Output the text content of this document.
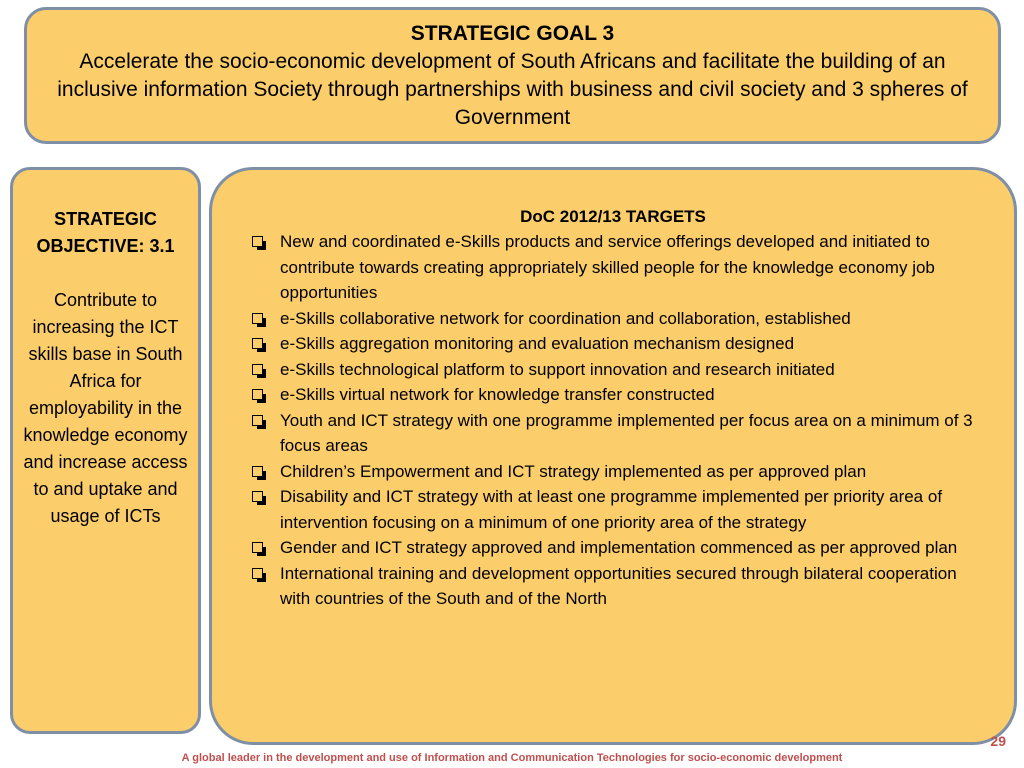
STRATEGIC GOAL 3
Accelerate the socio-economic development of South Africans and facilitate the building of an inclusive information Society through partnerships with business and civil society and 3 spheres of Government
STRATEGIC OBJECTIVE: 3.1
Contribute to increasing the ICT skills base in South Africa for employability in the knowledge economy and increase access to and uptake and usage of ICTs
DoC 2012/13 TARGETS
New and coordinated e-Skills products and service offerings developed and initiated to contribute towards creating appropriately skilled people for the knowledge economy job opportunities
e-Skills collaborative network for coordination and collaboration, established
e-Skills aggregation monitoring and evaluation mechanism designed
e-Skills technological platform to support innovation and research initiated
e-Skills virtual network for knowledge transfer constructed
Youth and ICT strategy with one programme implemented per focus area on a minimum of 3 focus areas
Children’s Empowerment and ICT strategy implemented as per approved plan
Disability and ICT strategy with at least one programme implemented per priority area of intervention focusing on a minimum of one priority area of the strategy
Gender and ICT strategy approved and implementation commenced as per approved plan
International training and development opportunities secured through bilateral cooperation with countries of the South and of the North
29
A global leader in the development and use of Information and Communication Technologies for socio-economic development
